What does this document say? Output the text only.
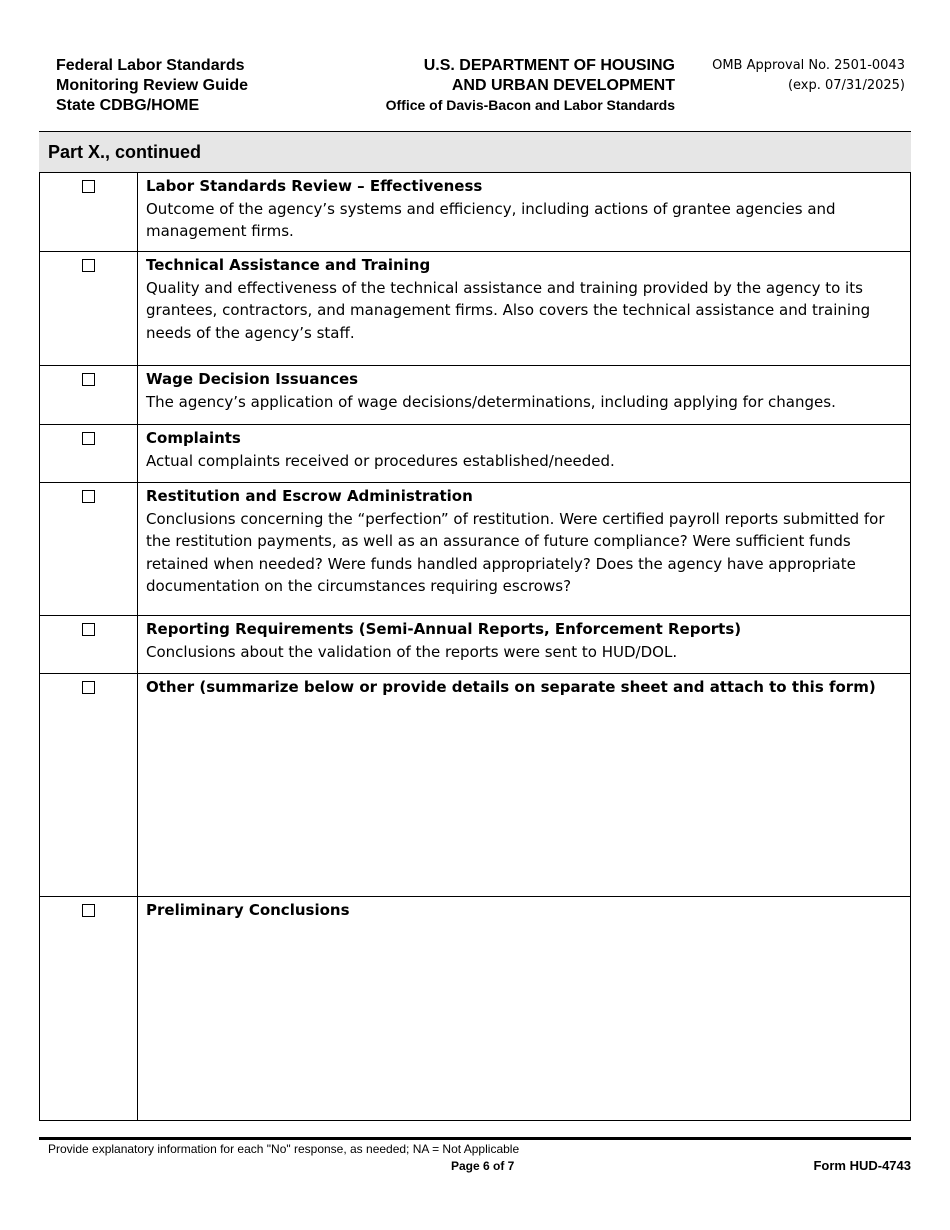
Federal Labor Standards
Monitoring Review Guide
State CDBG/HOME
U.S. DEPARTMENT OF HOUSING
AND URBAN DEVELOPMENT
Office of Davis-Bacon and Labor Standards
OMB Approval No. 2501-0043
(exp. 07/31/2025)
Part X., continued

	Labor Standards Review – Effectiveness
Outcome of the agency’s systems and efficiency, including actions of grantee agencies and management firms.

	Technical Assistance and Training
Quality and effectiveness of the technical assistance and training provided by the agency to its grantees, contractors, and management firms. Also covers the technical assistance and training needs of the agency’s staff.

	Wage Decision Issuances
The agency’s application of wage decisions/determinations, including applying for changes.

	Complaints
Actual complaints received or procedures established/needed.

	Restitution and Escrow Administration
Conclusions concerning the “perfection” of restitution. Were certified payroll reports submitted for the restitution payments, as well as an assurance of future compliance? Were sufficient funds retained when needed? Were funds handled appropriately? Does the agency have appropriate documentation on the circumstances requiring escrows?

	Reporting Requirements (Semi-Annual Reports, Enforcement Reports)
Conclusions about the validation of the reports were sent to HUD/DOL.

	Other (summarize below or provide details on separate sheet and attach to this form)

	Preliminary Conclusions
Provide explanatory information for each "No" response, as needed; NA = Not Applicable
Page 6 of 7	Form HUD-4743
